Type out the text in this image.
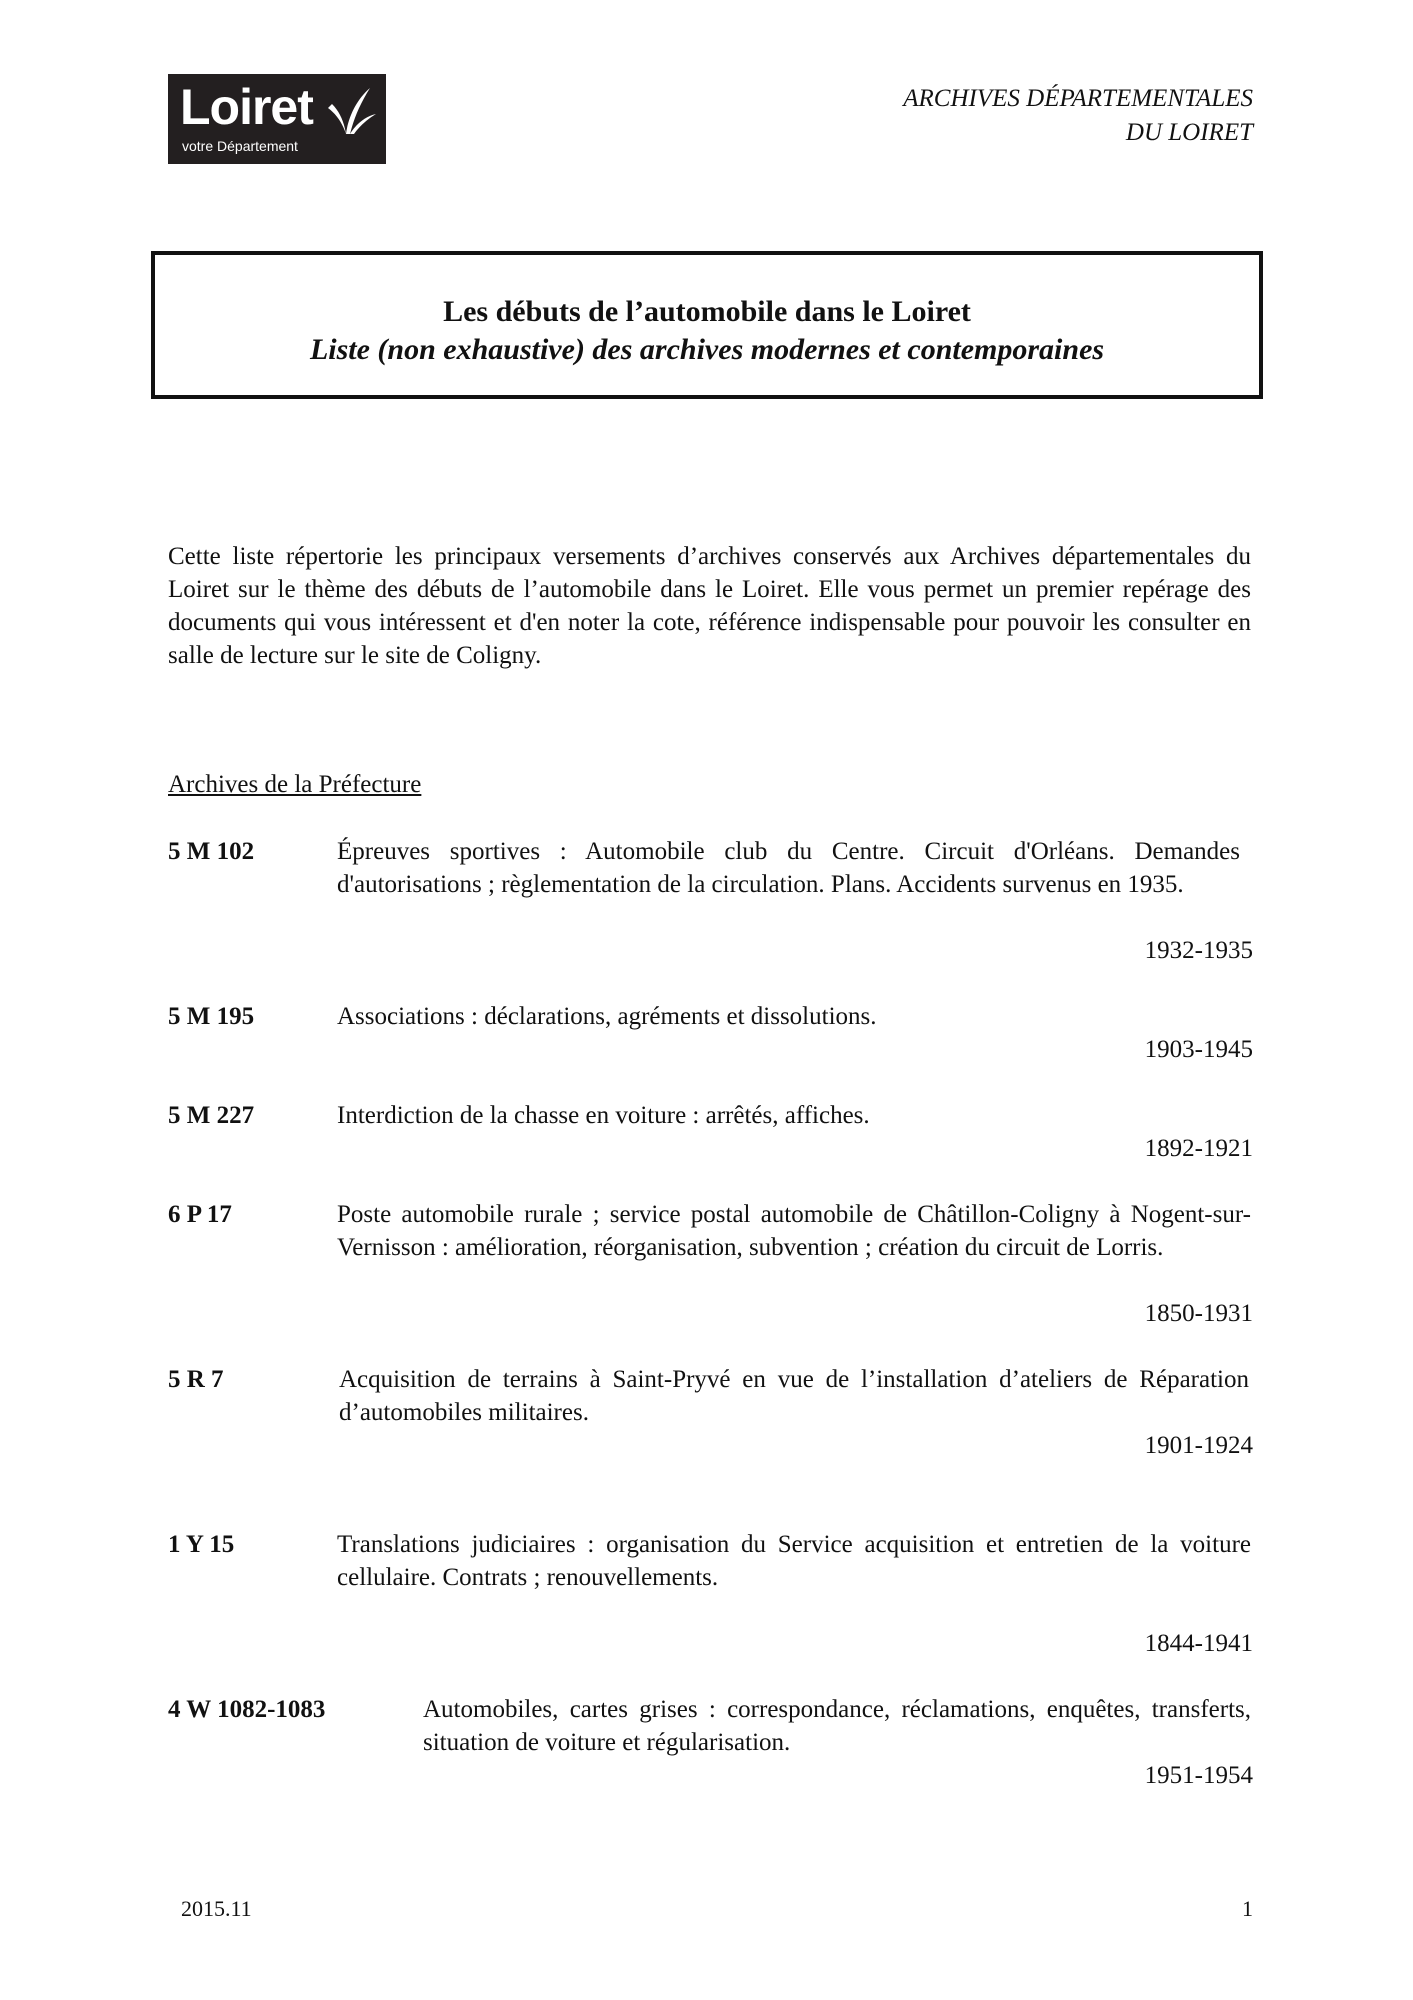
Loiret
votre Département
ARCHIVES DÉPARTEMENTALES
DU LOIRET
Les débuts de l’automobile dans le Loiret
Liste (non exhaustive) des archives modernes et contemporaines
Cette liste répertorie les principaux versements d’archives conservés aux Archives départementales du Loiret sur le thème des débuts de l’automobile dans le Loiret. Elle vous permet un premier repérage des documents qui vous intéressent et d'en noter la cote, référence indispensable pour pouvoir les consulter en salle de lecture sur le site de Coligny.
Archives de la Préfecture
5 M 102	Épreuves sportives : Automobile club du Centre. Circuit d'Orléans. Demandes d'autorisations ; règlementation de la circulation. Plans. Accidents survenus en 1935.
1932-1935
5 M 195	Associations : déclarations, agréments et dissolutions.
1903-1945
5 M 227	Interdiction de la chasse en voiture : arrêtés, affiches.
1892-1921
6 P 17	Poste automobile rurale ; service postal automobile de Châtillon-Coligny à Nogent-sur-Vernisson : amélioration, réorganisation, subvention ; création du circuit de Lorris.
1850-1931
5 R 7	Acquisition de terrains à Saint-Pryvé en vue de l’installation d’ateliers de Réparation d’automobiles militaires.
1901-1924
1 Y 15	Translations judiciaires : organisation du Service acquisition et entretien de la voiture cellulaire. Contrats ; renouvellements.
1844-1941
4 W 1082-1083	Automobiles, cartes grises : correspondance, réclamations, enquêtes, transferts, situation de voiture et régularisation.
1951-1954
2015.11	1
